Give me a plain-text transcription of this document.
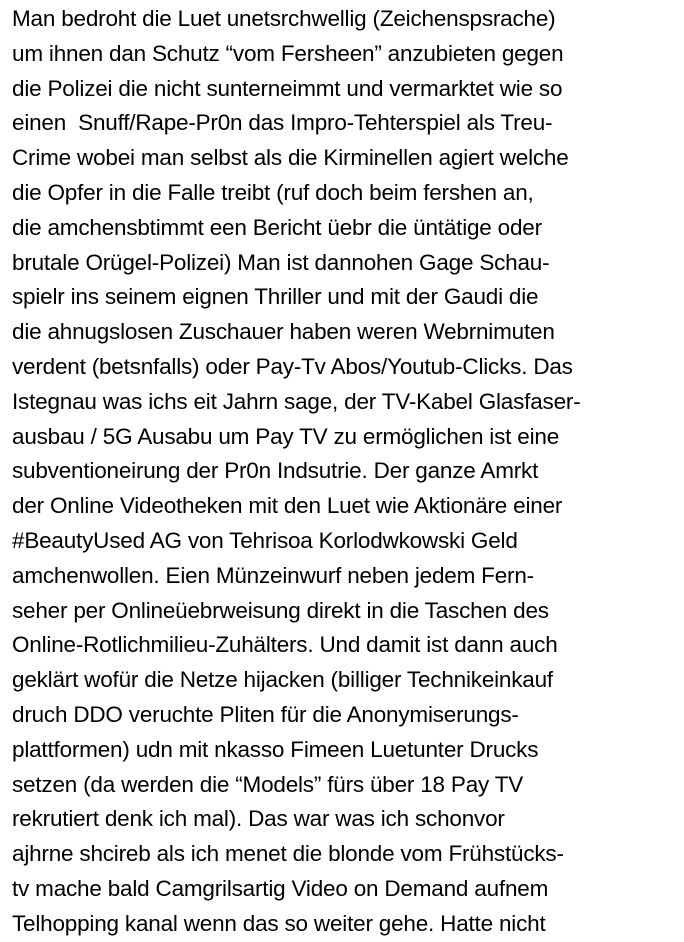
Man bedroht die Luet unetsrchwellig (Zeichenspsrache)
um ihnen dan Schutz “vom Fersheen” anzubieten gegen
die Polizei die nicht sunterneimmt und vermarktet wie so
einen  Snuff/Rape-Pr0n das Impro-Tehterspiel als Treu-
Crime wobei man selbst als die Kirminellen agiert welche
die Opfer in die Falle treibt (ruf doch beim fershen an,
die amchensbtimmt een Bericht üebr die üntätige oder
brutale Orügel-Polizei) Man ist dannohen Gage Schau-
spielr ins seinem eignen Thriller und mit der Gaudi die
die ahnugslosen Zuschauer haben weren Webrnimuten
verdent (betsnfalls) oder Pay-Tv Abos/Youtub-Clicks. Das
Istegnau was ichs eit Jahrn sage, der TV-Kabel Glasfaser-
ausbau / 5G Ausabu um Pay TV zu ermöglichen ist eine
subventioneirung der Pr0n Indsutrie. Der ganze Amrkt
der Online Videotheken mit den Luet wie Aktionäre einer
#BeautyUsed AG von Tehrisoa Korlodwkowski Geld
amchenwollen. Eien Münzeinwurf neben jedem Fern-
seher per Onlineüebrweisung direkt in die Taschen des
Online-Rotlichmilieu-Zuhälters. Und damit ist dann auch
geklärt wofür die Netze hijacken (billiger Technikeinkauf
druch DDO veruchte Pliten für die Anonymiserungs-
plattformen) udn mit nkasso Fimeen Luetunter Drucks
setzen (da werden die “Models” fürs über 18 Pay TV
rekrutiert denk ich mal). Das war was ich schonvor
ajhrne shcireb als ich menet die blonde vom Frühstücks-
tv mache bald Camgrilsartig Video on Demand aufnem
Telhopping kanal wenn das so weiter gehe. Hatte nicht
